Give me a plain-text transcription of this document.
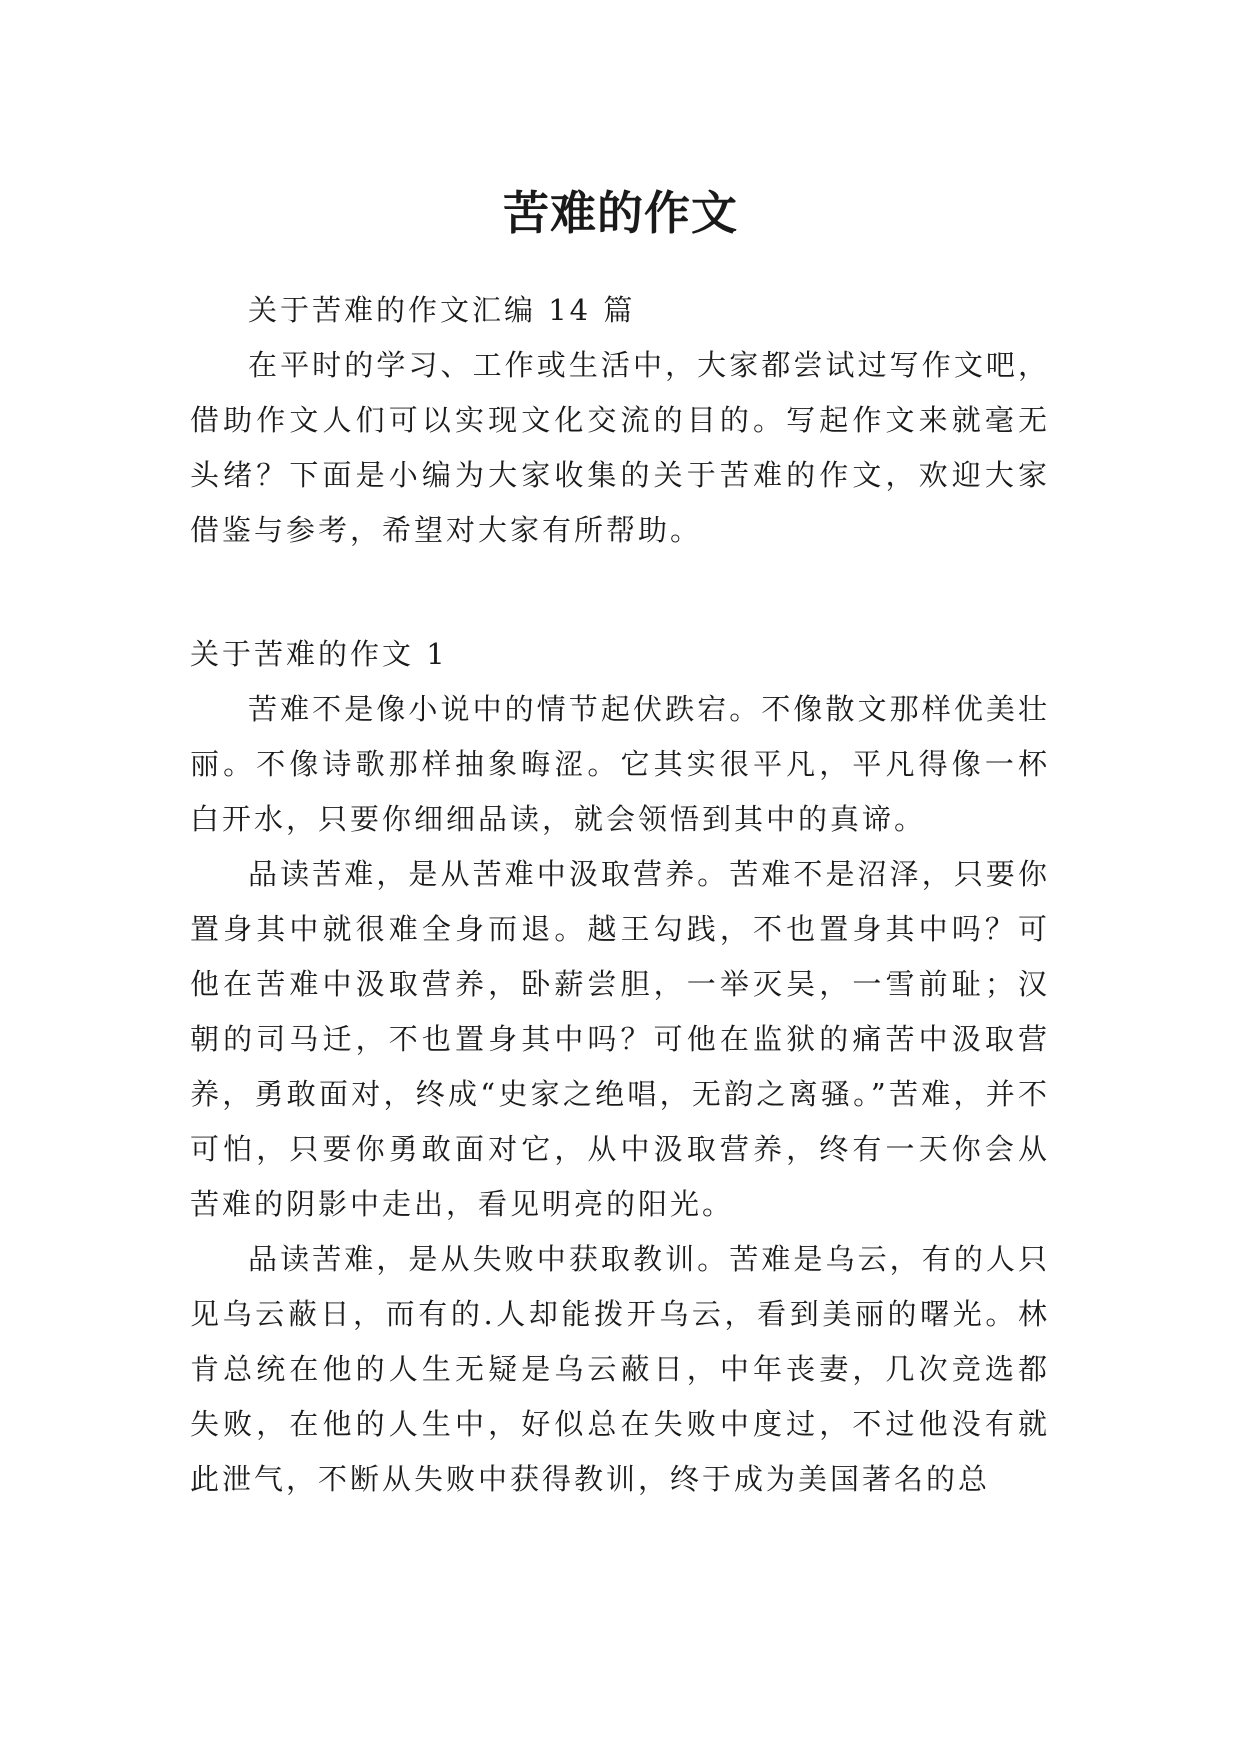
苦难的作文

关于苦难的作文汇编 14 篇

在平时的学习、工作或生活中，大家都尝试过写作文吧，借助作文人们可以实现文化交流的目的。写起作文来就毫无头绪？下面是小编为大家收集的关于苦难的作文，欢迎大家借鉴与参考，希望对大家有所帮助。

关于苦难的作文 1

苦难不是像小说中的情节起伏跌宕。不像散文那样优美壮丽。不像诗歌那样抽象晦涩。它其实很平凡，平凡得像一杯白开水，只要你细细品读，就会领悟到其中的真谛。

品读苦难，是从苦难中汲取营养。苦难不是沼泽，只要你置身其中就很难全身而退。越王勾践，不也置身其中吗？可他在苦难中汲取营养，卧薪尝胆，一举灭吴，一雪前耻；汉朝的司马迁，不也置身其中吗？可他在监狱的痛苦中汲取营养，勇敢面对，终成“史家之绝唱，无韵之离骚。”苦难，并不可怕，只要你勇敢面对它，从中汲取营养，终有一天你会从苦难的阴影中走出，看见明亮的阳光。

品读苦难，是从失败中获取教训。苦难是乌云，有的人只见乌云蔽日，而有的.人却能拨开乌云，看到美丽的曙光。林肯总统在他的人生无疑是乌云蔽日，中年丧妻，几次竞选都失败，在他的人生中，好似总在失败中度过，不过他没有就此泄气，不断从失败中获得教训，终于成为美国著名的总
